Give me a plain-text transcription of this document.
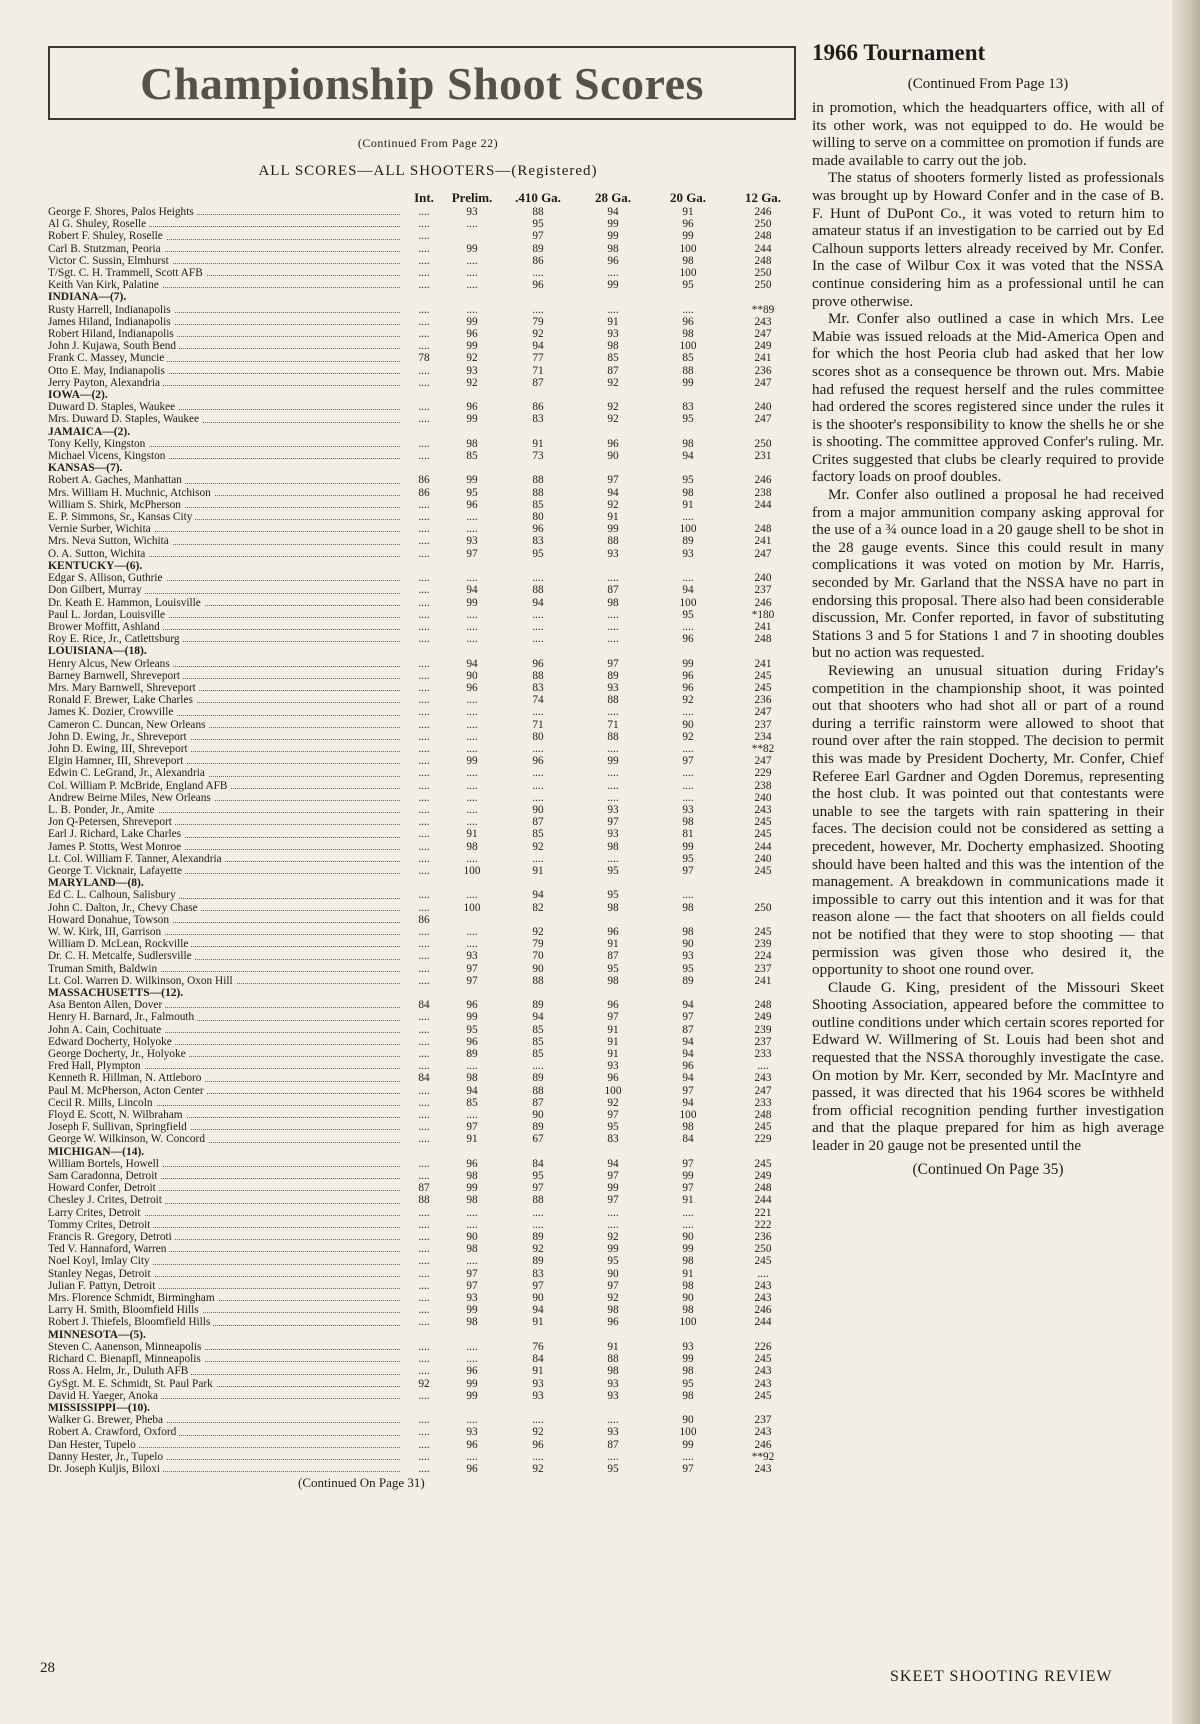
Championship Shoot Scores
(Continued From Page 22)
ALL SCORES—ALL SHOOTERS—(Registered)
	Int.	Prelim.	.410 Ga.	28 Ga.	20 Ga.	12 Ga.
George F. Shores, Palos Heights	....	93	88	94	91	246
Al G. Shuley, Roselle	....	....	95	99	96	250
Robert F. Shuley, Roselle	....		97	99	99	248
Carl B. Stutzman, Peoria	....	99	89	98	100	244
Victor C. Sussin, Elmhurst	....	....	86	96	98	248
T/Sgt. C. H. Trammell, Scott AFB	....	....	....	....	100	250
Keith Van Kirk, Palatine	....	....	96	99	95	250
INDIANA—(7).						
Rusty Harrell, Indianapolis	....	....	....	....	....	**89
James Hiland, Indianapolis	....	99	79	91	96	243
Robert Hiland, Indianapolis	....	96	92	93	98	247
John J. Kujawa, South Bend	....	99	94	98	100	249
Frank C. Massey, Muncie	78	92	77	85	85	241
Otto E. May, Indianapolis	....	93	71	87	88	236
Jerry Payton, Alexandria	....	92	87	92	99	247
IOWA—(2).						
Duward D. Staples, Waukee	....	96	86	92	83	240
Mrs. Duward D. Staples, Waukee	....	99	83	92	95	247
JAMAICA—(2).						
Tony Kelly, Kingston	....	98	91	96	98	250
Michael Vicens, Kingston	....	85	73	90	94	231
KANSAS—(7).						
Robert A. Gaches, Manhattan	86	99	88	97	95	246
Mrs. William H. Muchnic, Atchison	86	95	88	94	98	238
William S. Shirk, McPherson	....	96	85	92	91	244
E. P. Simmons, Sr., Kansas City	....	....	80	91	....	
Vernie Surber, Wichita	....	....	96	99	100	248
Mrs. Neva Sutton, Wichita	....	93	83	88	89	241
O. A. Sutton, Wichita	....	97	95	93	93	247
KENTUCKY—(6).						
Edgar S. Allison, Guthrie	....	....	....	....	....	240
Don Gilbert, Murray	....	94	88	87	94	237
Dr. Keath E. Hammon, Louisville	....	99	94	98	100	246
Paul L. Jordan, Louisville	....	....	....	....	95	*180
Brower Moffitt, Ashland	....	....	....	....	....	241
Roy E. Rice, Jr., Catlettsburg	....	....	....	....	96	248
LOUISIANA—(18).						
Henry Alcus, New Orleans	....	94	96	97	99	241
Barney Barnwell, Shreveport	....	90	88	89	96	245
Mrs. Mary Barnwell, Shreveport	....	96	83	93	96	245
Ronald F. Brewer, Lake Charles	....	....	74	88	92	236
James K. Dozier, Crowville	....	....	....	....	....	247
Cameron C. Duncan, New Orleans	....	....	71	71	90	237
John D. Ewing, Jr., Shreveport	....	....	80	88	92	234
John D. Ewing, III, Shreveport	....	....	....	....	....	**82
Elgin Hamner, III, Shreveport	....	99	96	99	97	247
Edwin C. LeGrand, Jr., Alexandria	....	....	....	....	....	229
Col. William P. McBride, England AFB	....	....	....	....	....	238
Andrew Beirne Miles, New Orleans	....	....	....	....	....	240
L. B. Ponder, Jr., Amite	....	....	90	93	93	243
Jon Q-Petersen, Shreveport	....	....	87	97	98	245
Earl J. Richard, Lake Charles	....	91	85	93	81	245
James P. Stotts, West Monroe	....	98	92	98	99	244
Lt. Col. William F. Tanner, Alexandria	....	....	....	....	95	240
George T. Vicknair, Lafayette	....	100	91	95	97	245
MARYLAND—(8).						
Ed C. L. Calhoun, Salisbury	....	....	94	95	....	
John C. Dalton, Jr., Chevy Chase	....	100	82	98	98	250
Howard Donahue, Towson	86					
W. W. Kirk, III, Garrison	....	....	92	96	98	245
William D. McLean, Rockville	....	....	79	91	90	239
Dr. C. H. Metcalfe, Sudlersville	....	93	70	87	93	224
Truman Smith, Baldwin	....	97	90	95	95	237
Lt. Col. Warren D. Wilkinson, Oxon Hill	....	97	88	98	89	241
MASSACHUSETTS—(12).						
Asa Benton Allen, Dover	84	96	89	96	94	248
Henry H. Barnard, Jr., Falmouth	....	99	94	97	97	249
John A. Cain, Cochituate	....	95	85	91	87	239
Edward Docherty, Holyoke	....	96	85	91	94	237
George Docherty, Jr., Holyoke	....	89	85	91	94	233
Fred Hall, Plympton	....	....	....	93	96	....
Kenneth R. Hillman, N. Attleboro	84	98	89	96	94	243
Paul M. McPherson, Acton Center	....	94	88	100	97	247
Cecil R. Mills, Lincoln	....	85	87	92	94	233
Floyd E. Scott, N. Wilbraham	....	....	90	97	100	248
Joseph F. Sullivan, Springfield	....	97	89	95	98	245
George W. Wilkinson, W. Concord	....	91	67	83	84	229
MICHIGAN—(14).						
William Bortels, Howell	....	96	84	94	97	245
Sam Caradonna, Detroit	....	98	95	97	99	249
Howard Confer, Detroit	87	99	97	99	97	248
Chesley J. Crites, Detroit	88	98	88	97	91	244
Larry Crites, Detroit	....	....	....	....	....	221
Tommy Crites, Detroit	....	....	....	....	....	222
Francis R. Gregory, Detroti	....	90	89	92	90	236
Ted V. Hannaford, Warren	....	98	92	99	99	250
Noel Koyl, Imlay City	....	....	89	95	98	245
Stanley Negas, Detroit	....	97	83	90	91	....
Julian F. Pattyn, Detroit	....	97	97	97	98	243
Mrs. Florence Schmidt, Birmingham	....	93	90	92	90	243
Larry H. Smith, Bloomfield Hills	....	99	94	98	98	246
Robert J. Thiefels, Bloomfield Hills	....	98	91	96	100	244
MINNESOTA—(5).						
Steven C. Aanenson, Minneapolis	....	....	76	91	93	226
Richard C. Bienapfl, Minneapolis	....	....	84	88	99	245
Ross A. Helm, Jr., Duluth AFB	....	96	91	98	98	243
GySgt. M. E. Schmidt, St. Paul Park	92	99	93	93	95	243
David H. Yaeger, Anoka	....	99	93	93	98	245
MISSISSIPPI—(10).						
Walker G. Brewer, Pheba	....	....	....	....	90	237
Robert A. Crawford, Oxford	....	93	92	93	100	243
Dan Hester, Tupelo	....	96	96	87	99	246
Danny Hester, Jr., Tupelo	....	....	....	....	....	**92
Dr. Joseph Kuljis, Biloxi	....	96	92	95	97	243
(Continued On Page 31)
28
1966 Tournament
(Continued From Page 13)

in promotion, which the headquarters office, with all of its other work, was not equipped to do. He would be willing to serve on a committee on promotion if funds are made available to carry out the job.

The status of shooters formerly listed as professionals was brought up by Howard Confer and in the case of B. F. Hunt of DuPont Co., it was voted to return him to amateur status if an investigation to be carried out by Ed Calhoun supports letters already received by Mr. Confer. In the case of Wilbur Cox it was voted that the NSSA continue considering him as a professional until he can prove otherwise.

Mr. Confer also outlined a case in which Mrs. Lee Mabie was issued reloads at the Mid-America Open and for which the host Peoria club had asked that her low scores shot as a consequence be thrown out. Mrs. Mabie had refused the request herself and the rules committee had ordered the scores registered since under the rules it is the shooter's responsibility to know the shells he or she is shooting. The committee approved Confer's ruling. Mr. Crites suggested that clubs be clearly required to provide factory loads on proof doubles.

Mr. Confer also outlined a proposal he had received from a major ammunition company asking approval for the use of a ¾ ounce load in a 20 gauge shell to be shot in the 28 gauge events. Since this could result in many complications it was voted on motion by Mr. Harris, seconded by Mr. Garland that the NSSA have no part in endorsing this proposal. There also had been considerable discussion, Mr. Confer reported, in favor of substituting Stations 3 and 5 for Stations 1 and 7 in shooting doubles but no action was requested.

Reviewing an unusual situation during Friday's competition in the championship shoot, it was pointed out that shooters who had shot all or part of a round during a terrific rainstorm were allowed to shoot that round over after the rain stopped. The decision to permit this was made by President Docherty, Mr. Confer, Chief Referee Earl Gardner and Ogden Doremus, representing the host club. It was pointed out that contestants were unable to see the targets with rain spattering in their faces. The decision could not be considered as setting a precedent, however, Mr. Docherty emphasized. Shooting should have been halted and this was the intention of the management. A breakdown in communications made it impossible to carry out this intention and it was for that reason alone — the fact that shooters on all fields could not be notified that they were to stop shooting — that permission was given those who desired it, the opportunity to shoot one round over.

Claude G. King, president of the Missouri Skeet Shooting Association, appeared before the committee to outline conditions under which certain scores reported for Edward W. Willmering of St. Louis had been shot and requested that the NSSA thoroughly investigate the case. On motion by Mr. Kerr, seconded by Mr. MacIntyre and passed, it was directed that his 1964 scores be withheld from official recognition pending further investigation and that the plaque prepared for him as high average leader in 20 gauge not be presented until the

(Continued On Page 35)
SKEET SHOOTING REVIEW
